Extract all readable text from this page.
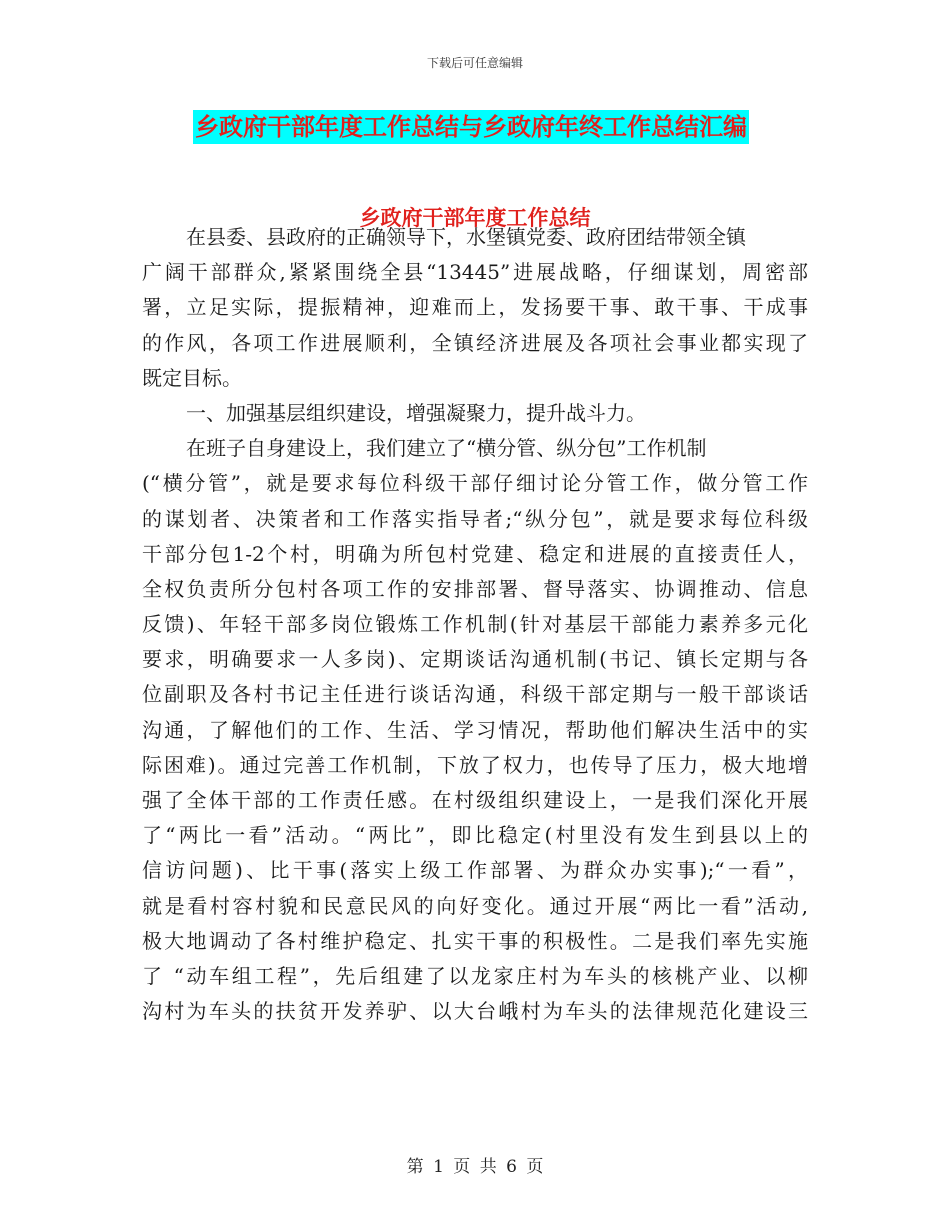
下载后可任意编辑
乡政府干部年度工作总结与乡政府年终工作总结汇编
乡政府干部年度工作总结
在县委、县政府的正确领导下，水堡镇党委、政府团结带领全镇
广阔干部群众,紧紧围绕全县“13445”进展战略，仔细谋划，周密部
署，立足实际，提振精神，迎难而上，发扬要干事、敢干事、干成事
的作风，各项工作进展顺利，全镇经济进展及各项社会事业都实现了
既定目标。
一、加强基层组织建设，增强凝聚力，提升战斗力。
在班子自身建设上，我们建立了“横分管、纵分包”工作机制
(“横分管”，就是要求每位科级干部仔细讨论分管工作，做分管工作
的谋划者、决策者和工作落实指导者;“纵分包”，就是要求每位科级
干部分包1-2个村，明确为所包村党建、稳定和进展的直接责任人，
全权负责所分包村各项工作的安排部署、督导落实、协调推动、信息
反馈)、年轻干部多岗位锻炼工作机制(针对基层干部能力素养多元化
要求，明确要求一人多岗)、定期谈话沟通机制(书记、镇长定期与各
位副职及各村书记主任进行谈话沟通，科级干部定期与一般干部谈话
沟通，了解他们的工作、生活、学习情况，帮助他们解决生活中的实
际困难)。通过完善工作机制，下放了权力，也传导了压力，极大地增
强了全体干部的工作责任感。在村级组织建设上，一是我们深化开展
了“两比一看”活动。“两比”，即比稳定(村里没有发生到县以上的
信访问题)、比干事(落实上级工作部署、为群众办实事);“一看”，
就是看村容村貌和民意民风的向好变化。通过开展“两比一看”活动,
极大地调动了各村维护稳定、扎实干事的积极性。二是我们率先实施
了 “动车组工程”，先后组建了以龙家庄村为车头的核桃产业、以柳
沟村为车头的扶贫开发养驴、以大台峨村为车头的法律规范化建设三
第 1 页 共 6 页
